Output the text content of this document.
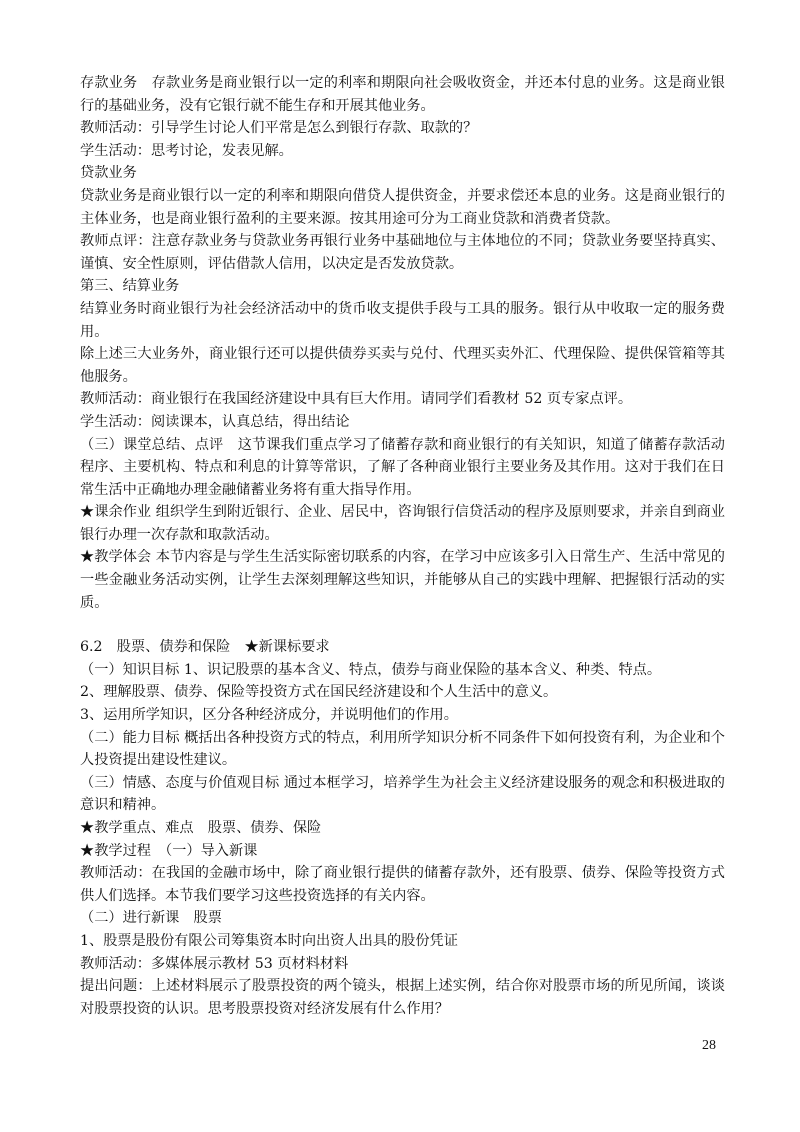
存款业务　存款业务是商业银行以一定的利率和期限向社会吸收资金，并还本付息的业务。这是商业银行的基础业务，没有它银行就不能生存和开展其他业务。

教师活动：引导学生讨论人们平常是怎么到银行存款、取款的？

学生活动：思考讨论，发表见解。

贷款业务

贷款业务是商业银行以一定的利率和期限向借贷人提供资金，并要求偿还本息的业务。这是商业银行的主体业务，也是商业银行盈利的主要来源。按其用途可分为工商业贷款和消费者贷款。

教师点评：注意存款业务与贷款业务再银行业务中基础地位与主体地位的不同；贷款业务要坚持真实、谨慎、安全性原则，评估借款人信用，以决定是否发放贷款。

第三、结算业务

结算业务时商业银行为社会经济活动中的货币收支提供手段与工具的服务。银行从中收取一定的服务费用。

除上述三大业务外，商业银行还可以提供债券买卖与兑付、代理买卖外汇、代理保险、提供保管箱等其他服务。

教师活动：商业银行在我国经济建设中具有巨大作用。请同学们看教材 52 页专家点评。

学生活动：阅读课本，认真总结，得出结论

（三）课堂总结、点评　这节课我们重点学习了储蓄存款和商业银行的有关知识，知道了储蓄存款活动程序、主要机构、特点和利息的计算等常识，了解了各种商业银行主要业务及其作用。这对于我们在日常生活中正确地办理金融储蓄业务将有重大指导作用。

★课余作业 组织学生到附近银行、企业、居民中，咨询银行信贷活动的程序及原则要求，并亲自到商业银行办理一次存款和取款活动。

★教学体会 本节内容是与学生生活实际密切联系的内容，在学习中应该多引入日常生产、生活中常见的一些金融业务活动实例，让学生去深刻理解这些知识，并能够从自己的实践中理解、把握银行活动的实质。

6.2　股票、债券和保险　★新课标要求

（一）知识目标 1、识记股票的基本含义、特点，债券与商业保险的基本含义、种类、特点。

2、理解股票、债券、保险等投资方式在国民经济建设和个人生活中的意义。

3、运用所学知识，区分各种经济成分，并说明他们的作用。

（二）能力目标 概括出各种投资方式的特点，利用所学知识分析不同条件下如何投资有利，为企业和个人投资提出建设性建议。

（三）情感、态度与价值观目标 通过本框学习，培养学生为社会主义经济建设服务的观念和积极进取的意识和精神。

★教学重点、难点　股票、债券、保险

★教学过程　（一）导入新课

教师活动：在我国的金融市场中，除了商业银行提供的储蓄存款外，还有股票、债券、保险等投资方式供人们选择。本节我们要学习这些投资选择的有关内容。

（二）进行新课　股票

1、股票是股份有限公司筹集资本时向出资人出具的股份凭证

教师活动：多媒体展示教材 53 页材料材料

提出问题：上述材料展示了股票投资的两个镜头，根据上述实例，结合你对股票市场的所见所闻，谈谈对股票投资的认识。思考股票投资对经济发展有什么作用？

28
